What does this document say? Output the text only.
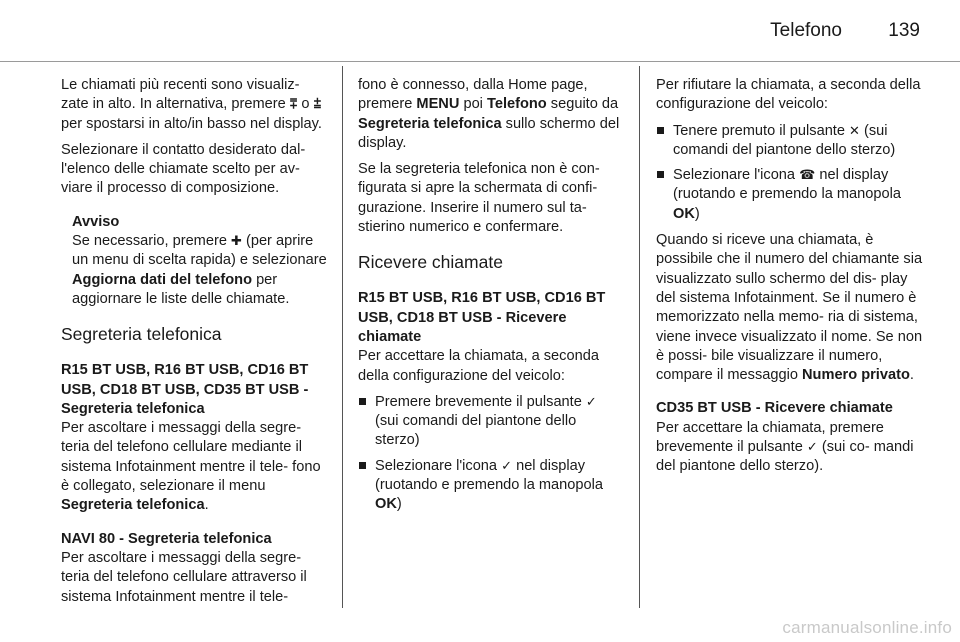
Telefono 139

Le chiamati più recenti sono visualiz- zate in alto. In alternativa, premere ⩱ o ⩲ per spostarsi in alto/in basso nel display.

Selezionare il contatto desiderato dal- l'elenco delle chiamate scelto per av- viare il processo di composizione.

Avviso
Se necessario, premere ✚ (per aprire un menu di scelta rapida) e selezionare Aggiorna dati del telefono per aggiornare le liste delle chiamate.
Segreteria telefonica
R15 BT USB, R16 BT USB, CD16 BT USB, CD18 BT USB, CD35 BT USB - Segreteria telefonica

Per ascoltare i messaggi della segre- teria del telefono cellulare mediante il sistema Infotainment mentre il tele- fono è collegato, selezionare il menu Segreteria telefonica.

NAVI 80 - Segreteria telefonica

Per ascoltare i messaggi della segre- teria del telefono cellulare attraverso il sistema Infotainment mentre il tele-

fono è connesso, dalla Home page, premere MENU poi Telefono seguito da Segreteria telefonica sullo schermo del display.

Se la segreteria telefonica non è con- figurata si apre la schermata di confi- gurazione. Inserire il numero sul ta- stierino numerico e confermare.

Ricevere chiamate
R15 BT USB, R16 BT USB, CD16 BT USB, CD18 BT USB - Ricevere chiamate

Per accettare la chiamata, a seconda della configurazione del veicolo:

Premere brevemente il pulsante ✓ (sui comandi del piantone dello sterzo)
Selezionare l'icona ✓ nel display (ruotando e premendo la manopola OK)

Per rifiutare la chiamata, a seconda della configurazione del veicolo:

Tenere premuto il pulsante ✕ (sui comandi del piantone dello sterzo)
Selezionare l'icona ☎ nel display (ruotando e premendo la manopola OK)

Quando si riceve una chiamata, è possibile che il numero del chiamante sia visualizzato sullo schermo del dis- play del sistema Infotainment. Se il numero è memorizzato nella memo- ria di sistema, viene invece visualizzato il nome. Se non è possi- bile visualizzare il numero, compare il messaggio Numero privato.

CD35 BT USB - Ricevere chiamate

Per accettare la chiamata, premere brevemente il pulsante ✓ (sui co- mandi del piantone dello sterzo).

carmanualsonline.info
